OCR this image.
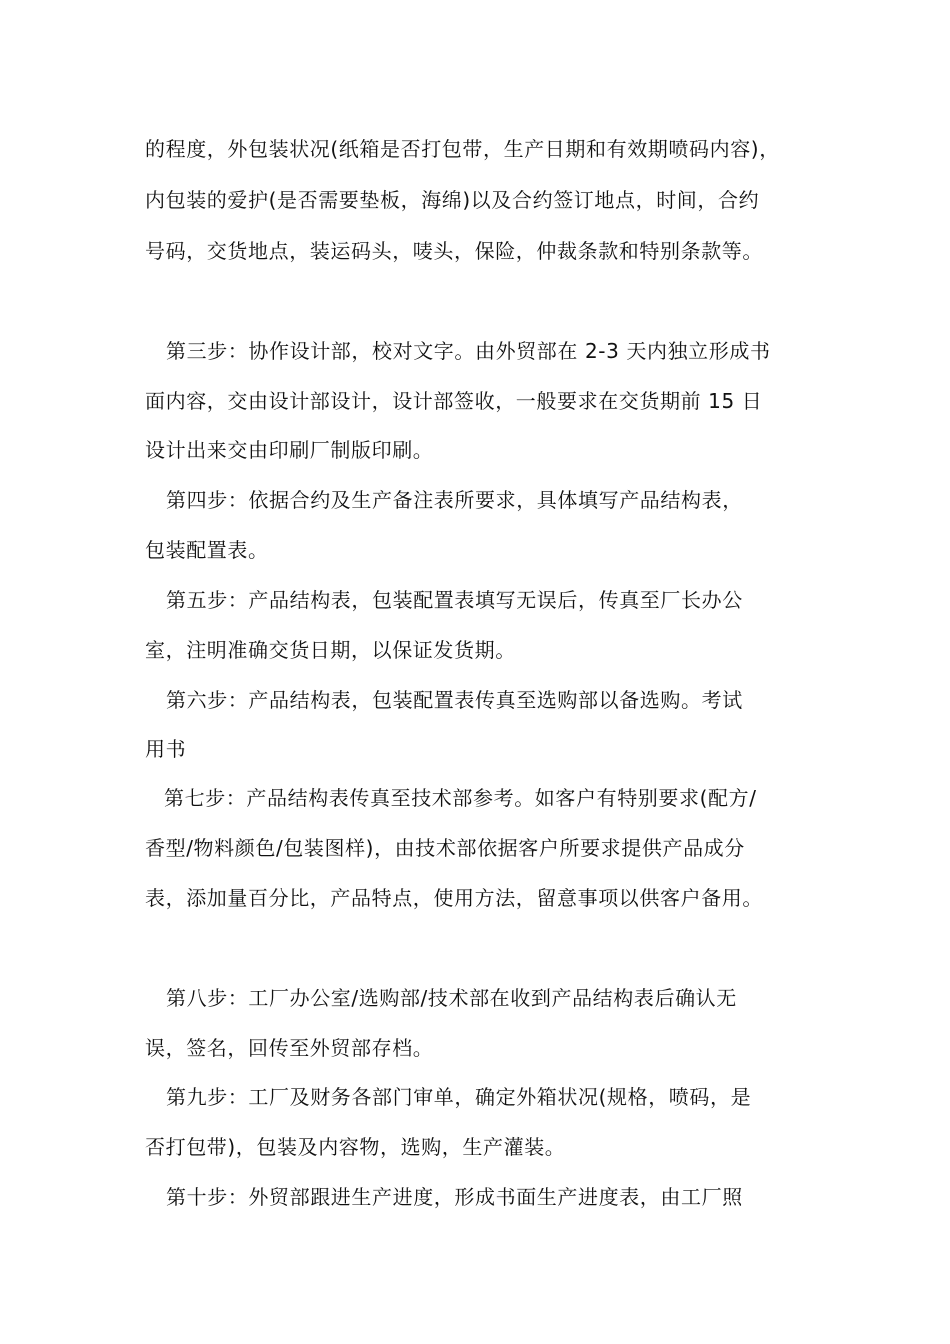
的程度，外包装状况(纸箱是否打包带，生产日期和有效期喷码内容)，
内包装的爱护(是否需要垫板，海绵)以及合约签订地点，时间，合约
号码，交货地点，装运码头，唛头，保险，仲裁条款和特别条款等。
第三步：协作设计部，校对文字。由外贸部在 2-3 天内独立形成书
面内容，交由设计部设计，设计部签收，一般要求在交货期前 15 日
设计出来交由印刷厂制版印刷。
第四步：依据合约及生产备注表所要求，具体填写产品结构表，
包装配置表。
第五步：产品结构表，包装配置表填写无误后，传真至厂长办公
室，注明准确交货日期，以保证发货期。
第六步：产品结构表，包装配置表传真至选购部以备选购。考试
用书
第七步：产品结构表传真至技术部参考。如客户有特别要求(配方/
香型/物料颜色/包装图样)，由技术部依据客户所要求提供产品成分
表，添加量百分比，产品特点，使用方法，留意事项以供客户备用。
第八步：工厂办公室/选购部/技术部在收到产品结构表后确认无
误，签名，回传至外贸部存档。
第九步：工厂及财务各部门审单，确定外箱状况(规格，喷码，是
否打包带)，包装及内容物，选购，生产灌装。
第十步：外贸部跟进生产进度，形成书面生产进度表，由工厂照
